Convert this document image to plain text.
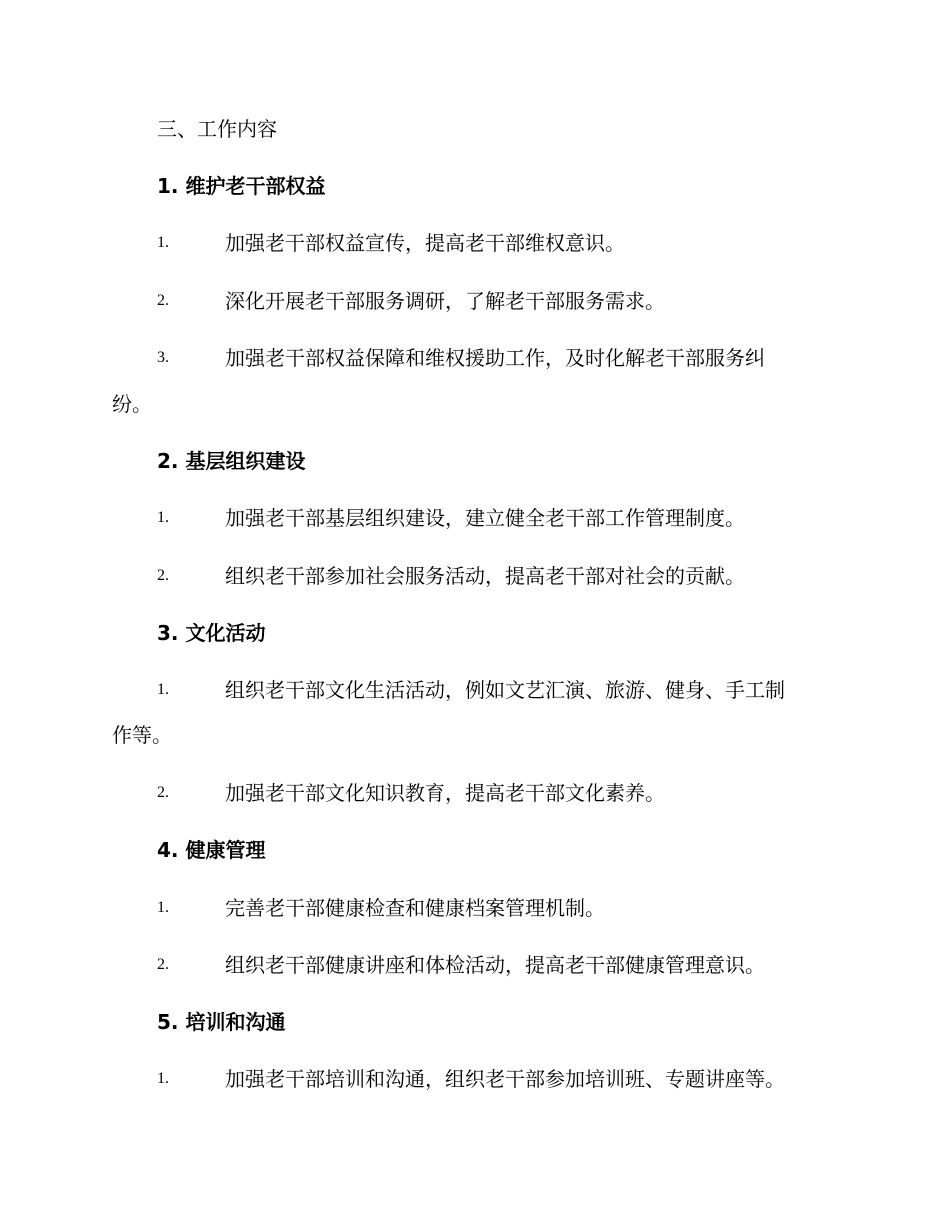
三、工作内容
1. 维护老干部权益
1.	加强老干部权益宣传，提高老干部维权意识。
2.	深化开展老干部服务调研，了解老干部服务需求。
3.	加强老干部权益保障和维权援助工作，及时化解老干部服务纠
纷。
2. 基层组织建设
1.	加强老干部基层组织建设，建立健全老干部工作管理制度。
2.	组织老干部参加社会服务活动，提高老干部对社会的贡献。
3. 文化活动
1.	组织老干部文化生活活动，例如文艺汇演、旅游、健身、手工制
作等。
2.	加强老干部文化知识教育，提高老干部文化素养。
4. 健康管理
1.	完善老干部健康检查和健康档案管理机制。
2.	组织老干部健康讲座和体检活动，提高老干部健康管理意识。
5. 培训和沟通
1.	加强老干部培训和沟通，组织老干部参加培训班、专题讲座等。
